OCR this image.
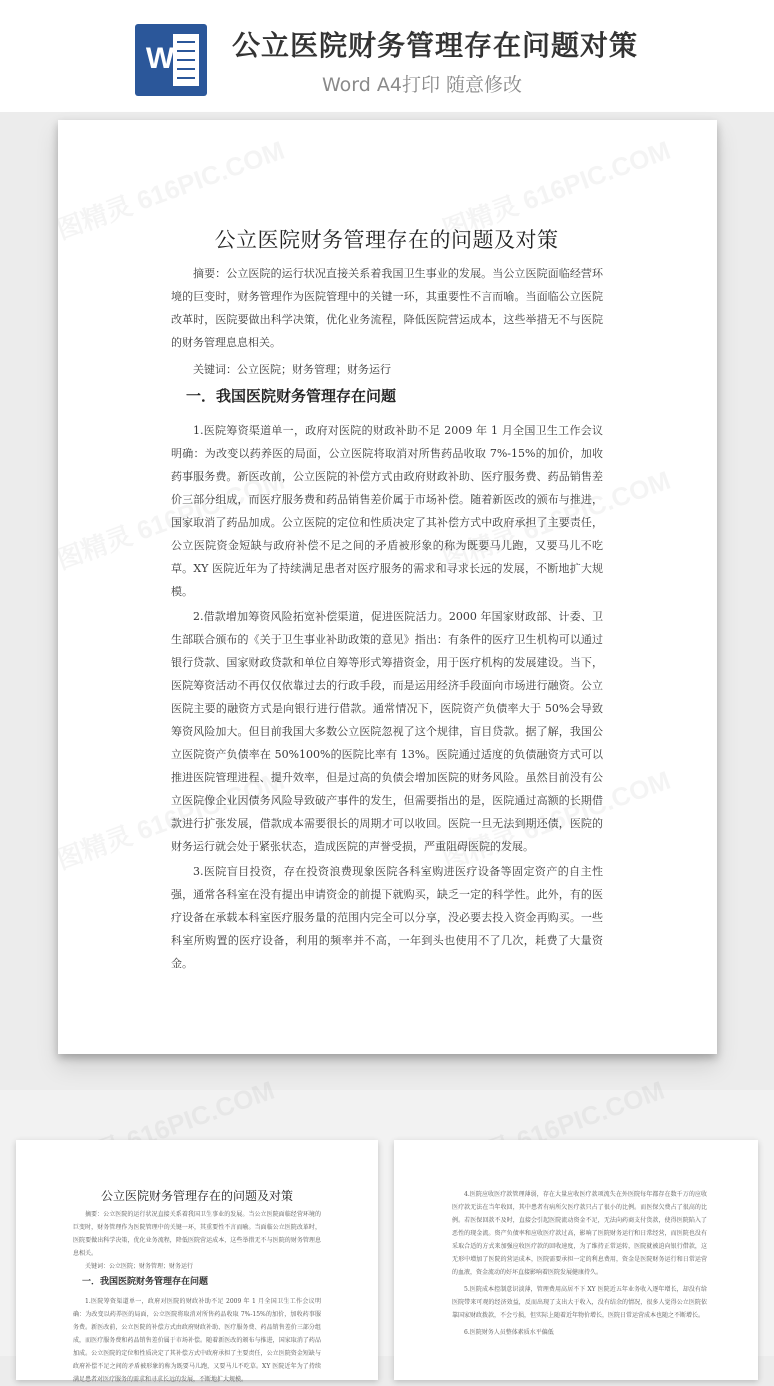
W 公立医院财务管理存在问题对策
Word A4打印 随意修改
公立医院财务管理存在的问题及对策

摘要：公立医院的运行状况直接关系着我国卫生事业的发展。当公立医院面临经营环境的巨变时，财务管理作为医院管理中的关键一环，其重要性不言而喻。当面临公立医院改革时，医院要做出科学决策，优化业务流程，降低医院营运成本，这些举措无不与医院的财务管理息息相关。

关键词：公立医院；财务管理；财务运行

一．我国医院财务管理存在问题

1.医院筹资渠道单一，政府对医院的财政补助不足 2009 年 1 月全国卫生工作会议明确：为改变以药养医的局面，公立医院将取消对所售药品收取 7%-15%的加价，加收药事服务费。新医改前，公立医院的补偿方式由政府财政补助、医疗服务费、药品销售差价三部分组成，而医疗服务费和药品销售差价属于市场补偿。随着新医改的颁布与推进，国家取消了药品加成。公立医院的定位和性质决定了其补偿方式中政府承担了主要责任，公立医院资金短缺与政府补偿不足之间的矛盾被形象的称为既要马儿跑，又要马儿不吃草。XY 医院近年为了持续满足患者对医疗服务的需求和寻求长远的发展，不断地扩大规模。

2.借款增加筹资风险拓宽补偿渠道，促进医院活力。2000 年国家财政部、计委、卫生部联合颁布的《关于卫生事业补助政策的意见》指出：有条件的医疗卫生机构可以通过银行贷款、国家财政贷款和单位自筹等形式筹措资金，用于医疗机构的发展建设。当下，医院筹资活动不再仅仅依靠过去的行政手段，而是运用经济手段面向市场进行融资。公立医院主要的融资方式是向银行进行借款。通常情况下，医院资产负债率大于 50%会导致筹资风险加大。但目前我国大多数公立医院忽视了这个规律，盲目贷款。据了解，我国公立医院资产负债率在 50%100%的医院比率有 13%。医院通过适度的负债融资方式可以推进医院管理进程、提升效率，但是过高的负债会增加医院的财务风险。虽然目前没有公立医院像企业因债务风险导致破产事件的发生，但需要指出的是，医院通过高额的长期借款进行扩张发展，借款成本需要很长的周期才可以收回。医院一旦无法到期还债，医院的财务运行就会处于紧张状态，造成医院的声誉受损，严重阻碍医院的发展。

3.医院盲目投资，存在投资浪费现象医院各科室购进医疗设备等固定资产的自主性强，通常各科室在没有提出申请资金的前提下就购买，缺乏一定的科学性。此外，有的医疗设备在承载本科室医疗服务量的范围内完全可以分享，没必要去投入资金再购买。一些科室所购置的医疗设备，利用的频率并不高，一年到头也使用不了几次，耗费了大量资金。

公立医院财务管理存在的问题及对策

摘要：公立医院的运行状况直接关系着我国卫生事业的发展。当公立医院面临经营环境的巨变时，财务管理作为医院管理中的关键一环，其重要性不言而喻。当面临公立医院改革时，医院要做出科学决策，优化业务流程，降低医院营运成本，这些举措无不与医院的财务管理息息相关。

关键词：公立医院；财务管理；财务运行

一．我国医院财务管理存在问题

1.医院筹资渠道单一，政府对医院的财政补助不足 2009 年 1 月全国卫生工作会议明确：为改变以药养医的局面，公立医院将取消对所售药品收取 7%-15%的加价，加收药事服务费。新医改前，公立医院的补偿方式由政府财政补助、医疗服务费、药品销售差价三部分组成，而医疗服务费和药品销售差价属于市场补偿。随着新医改的颁布与推进，国家取消了药品加成。公立医院的定位和性质决定了其补偿方式中政府承担了主要责任，公立医院资金短缺与政府补偿不足之间的矛盾被形象的称为既要马儿跑，又要马儿不吃草。XY 医院近年为了持续满足患者对医疗服务的需求和寻求长远的发展，不断地扩大规模。

4.医院应收医疗款管理薄弱，存在大量应收医疗款项流失在外医院每年都存在数千万的应收医疗款无法在当年收回，其中患者有病所欠医疗款只占了很小的比例。而医保欠费占了很高的比例。若医保回款不及时，直接会引起医院流动资金不足，无法向药商支付货款，使得医院陷入了恶性的现金流。资产负债率和应收医疗款过高，影响了医院财务运行和日常经营，而医院也没有采取合适的方式来加强应收医疗款的回收速度，为了维持正常运转，医院就被迫向银行借款，这无形中增加了医院的营运成本，医院需要承担一定的利息费用，资金是医院财务运行和日常运营的血液，资金流动的好坏直接影响着医院发展健康持久。

5.医院成本控制意识淡薄，管理费用高居不下 XY 医院近五年业务收入逐年增长，却没有给医院带来可观的经济效益，反而出现了支出大于收入，没有结余的情况，很多人觉得公立医院依靠国家财政拨款，不会亏损，但实际上随着近年物价增长，医院日常运营成本也随之不断增长。

6.医院财务人员整体素质水平偏低
